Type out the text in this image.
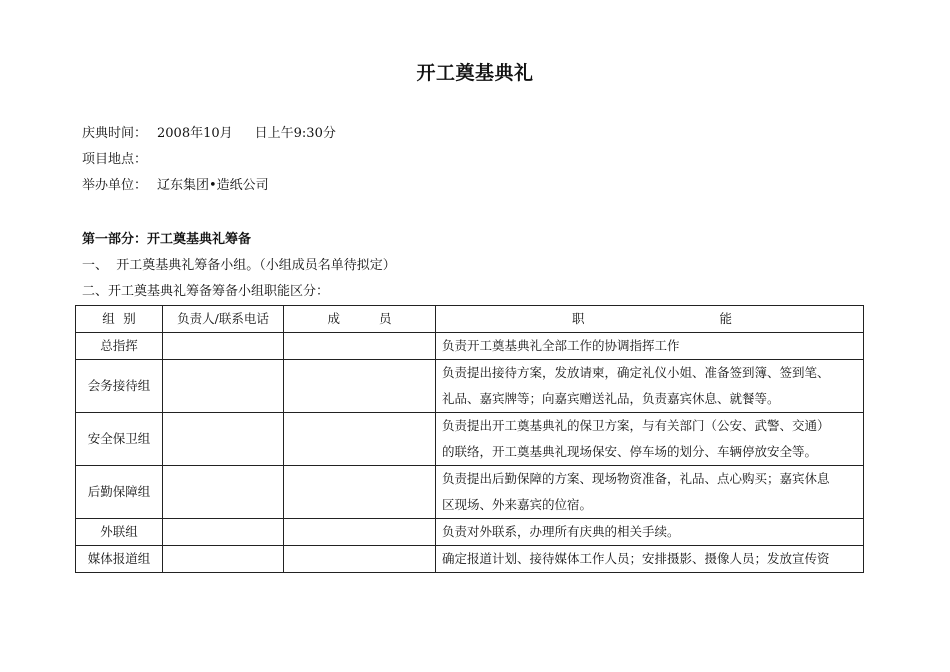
开工奠基典礼
庆典时间： 2008年10月 日上午9:30分
项目地点：
举办单位： 辽东集团•造纸公司
第一部分：开工奠基典礼筹备
一、  开工奠基典礼筹备小组。（小组成员名单待拟定）
二、开工奠基典礼筹备筹备小组职能区分：
组 别	负责人/联系电话	成 员	职 能

总指挥			负责开工奠基典礼全部工作的协调指挥工作

会务接待组			负责提出接待方案，发放请柬，确定礼仪小姐、准备签到簿、签到笔、
礼品、嘉宾牌等；向嘉宾赠送礼品，负责嘉宾休息、就餐等。

安全保卫组			负责提出开工奠基典礼的保卫方案，与有关部门（公安、武警、交通）
的联络，开工奠基典礼现场保安、停车场的划分、车辆停放安全等。

后勤保障组			负责提出后勤保障的方案、现场物资准备，礼品、点心购买；嘉宾休息
区现场、外来嘉宾的位宿。

外联组			负责对外联系，办理所有庆典的相关手续。

媒体报道组			确定报道计划、接待媒体工作人员；安排摄影、摄像人员；发放宣传资
